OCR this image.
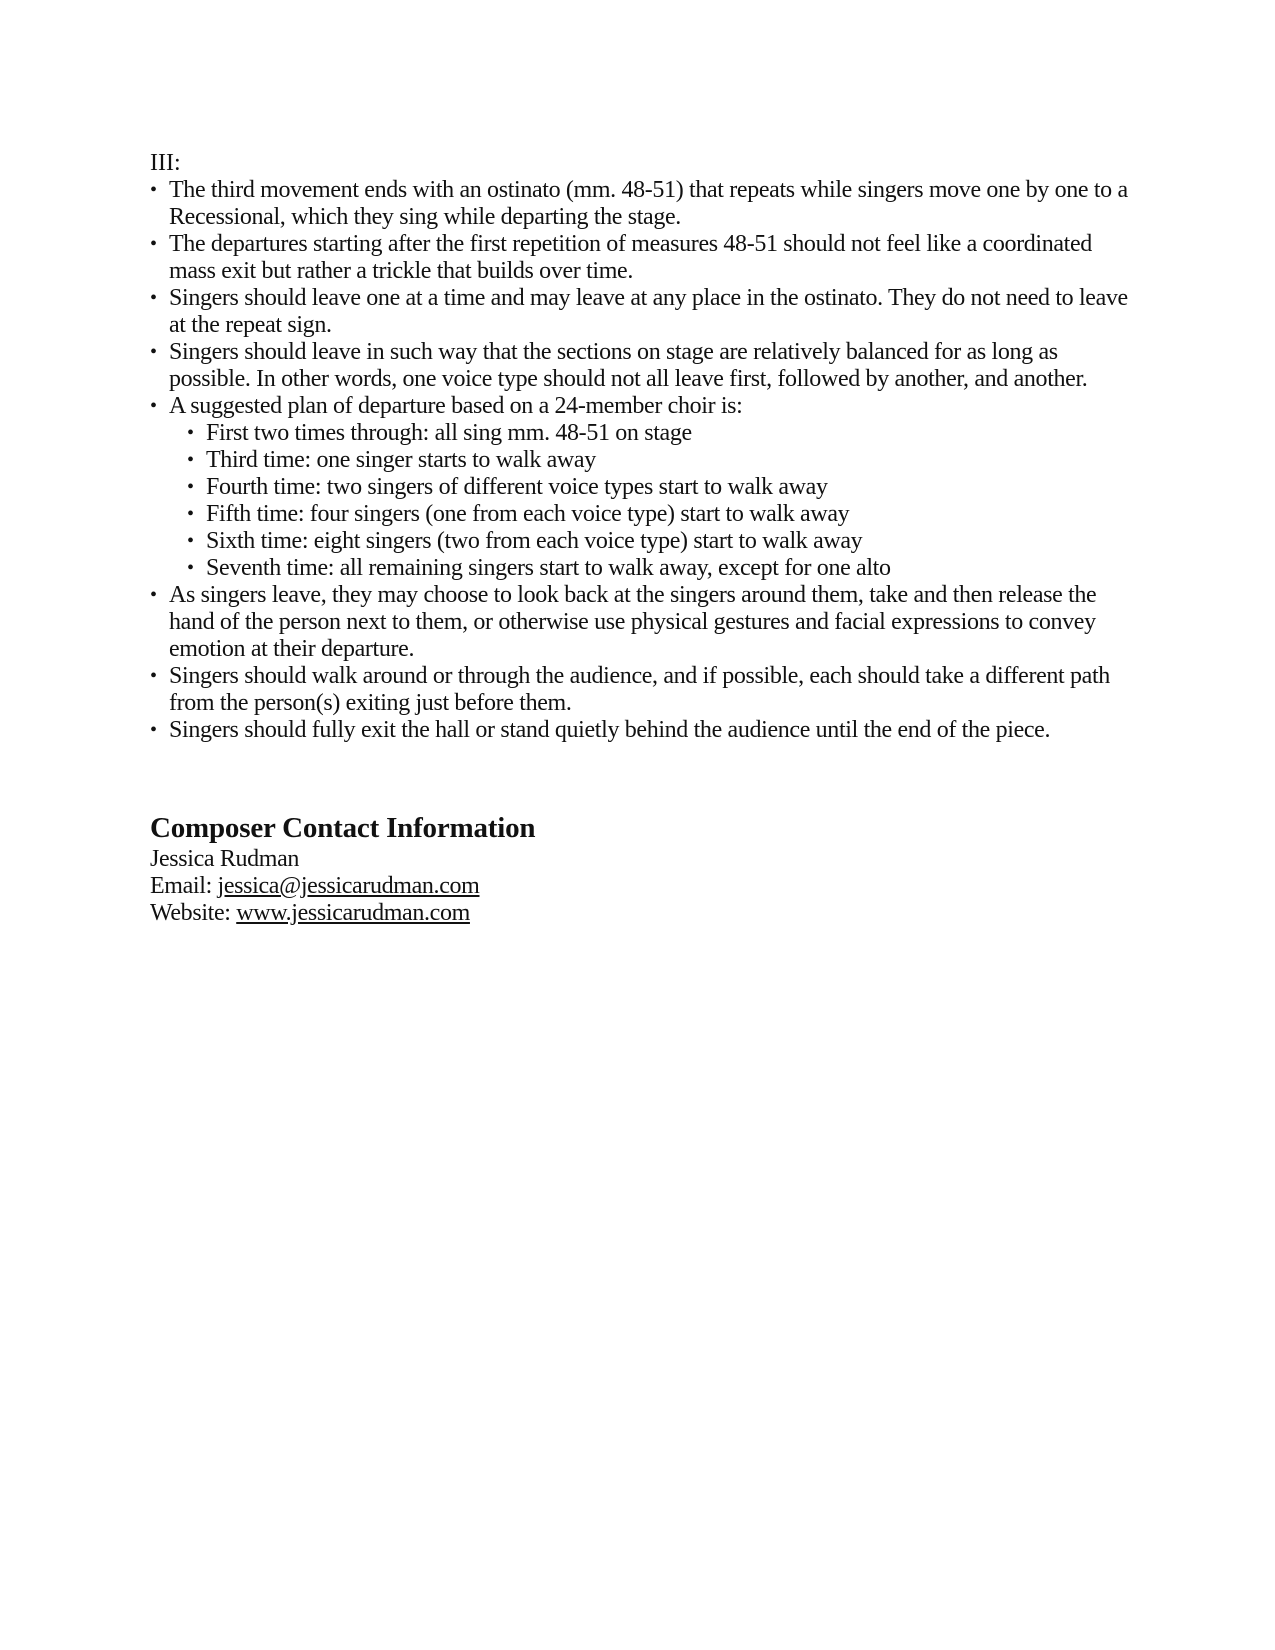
III:

• The third movement ends with an ostinato (mm. 48-51) that repeats while singers move one by one to a Recessional, which they sing while departing the stage.
• The departures starting after the first repetition of measures 48-51 should not feel like a coordinated mass exit but rather a trickle that builds over time.
• Singers should leave one at a time and may leave at any place in the ostinato. They do not need to leave at the repeat sign.
• Singers should leave in such way that the sections on stage are relatively balanced for as long as possible. In other words, one voice type should not all leave first, followed by another, and another.
• A suggested plan of departure based on a 24-member choir is:
• First two times through: all sing mm. 48-51 on stage
• Third time: one singer starts to walk away
• Fourth time: two singers of different voice types start to walk away
• Fifth time: four singers (one from each voice type) start to walk away
• Sixth time: eight singers (two from each voice type) start to walk away
• Seventh time: all remaining singers start to walk away, except for one alto
• As singers leave, they may choose to look back at the singers around them, take and then release the hand of the person next to them, or otherwise use physical gestures and facial expressions to convey emotion at their departure.
• Singers should walk around or through the audience, and if possible, each should take a different path from the person(s) exiting just before them.
• Singers should fully exit the hall or stand quietly behind the audience until the end of the piece.
Composer Contact Information
Jessica Rudman
Email: jessica@jessicarudman.com
Website: www.jessicarudman.com
